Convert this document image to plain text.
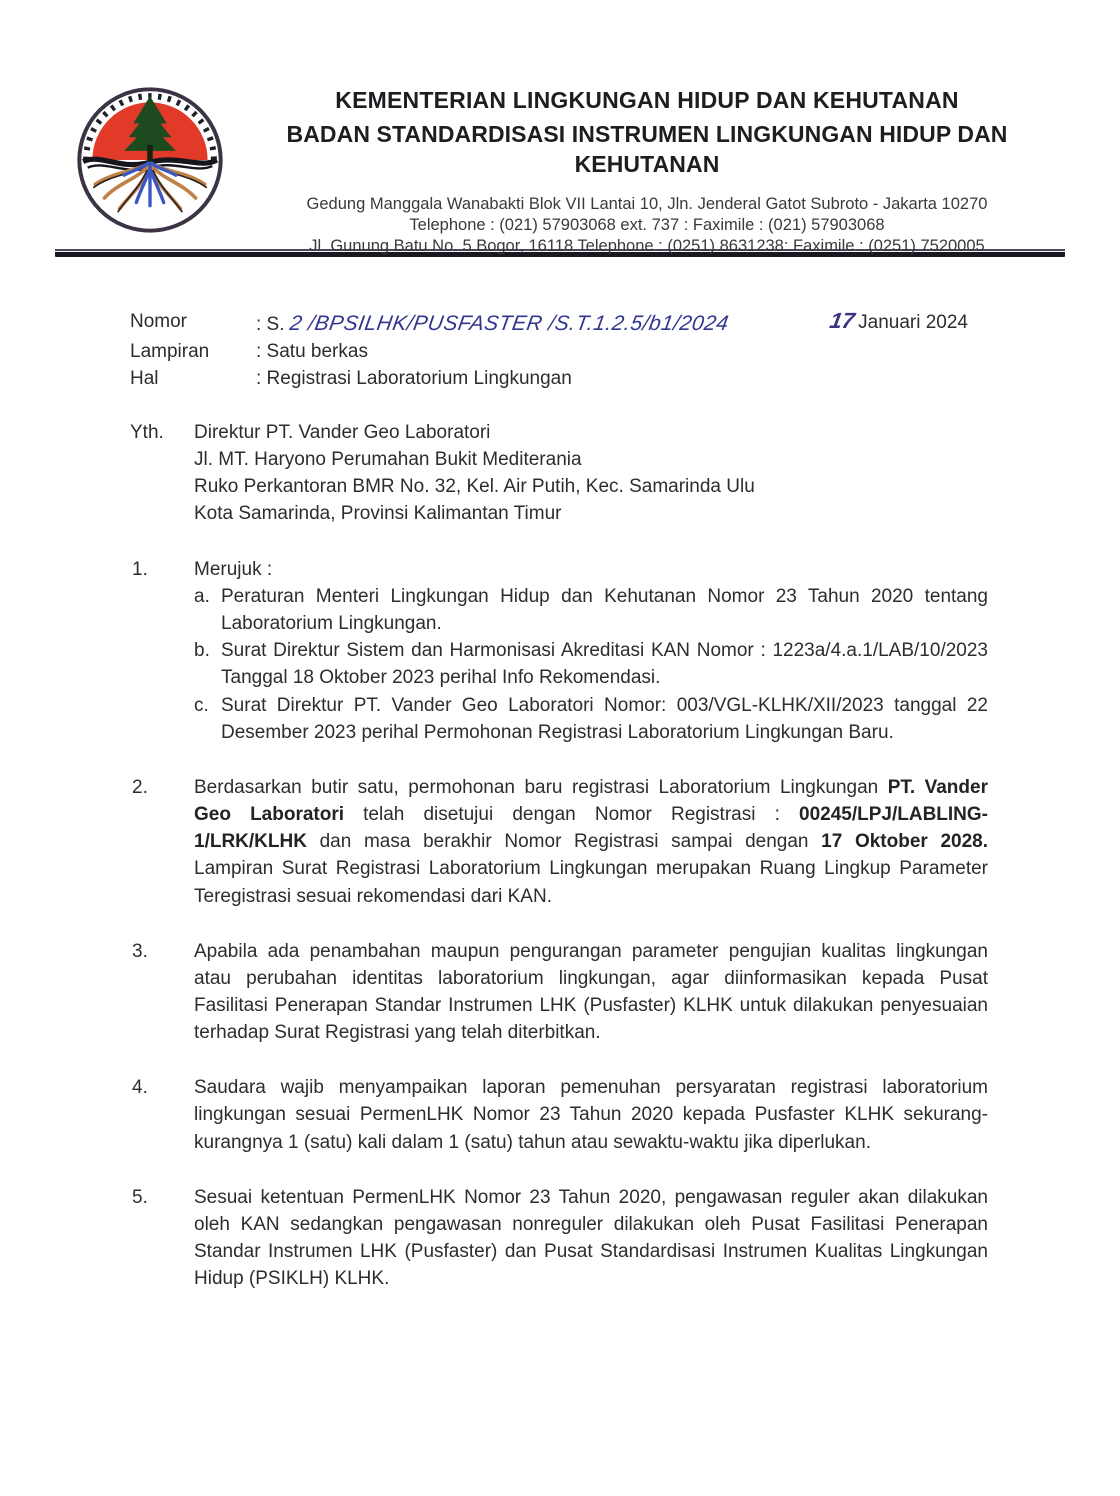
KEMENTERIAN LINGKUNGAN HIDUP DAN KEHUTANAN
BADAN STANDARDISASI INSTRUMEN LINGKUNGAN HIDUP DAN KEHUTANAN
Gedung Manggala Wanabakti Blok VII Lantai 10, Jln. Jenderal Gatot Subroto - Jakarta 10270
Telephone : (021) 57903068 ext. 737 : Faximile : (021) 57903068
Jl. Gunung Batu No. 5 Bogor, 16118 Telephone : (0251) 8631238: Faximile : (0251) 7520005
Nomor	: S. 2 /BPSILHK/PUSFASTER /S.T.1.2.5/b1/2024	17Januari 2024
Lampiran	: Satu berkas
Hal	: Registrasi Laboratorium Lingkungan
Yth.	Direktur PT. Vander Geo Laboratori
Jl. MT. Haryono Perumahan Bukit Mediterania
Ruko Perkantoran BMR No. 32, Kel. Air Putih, Kec. Samarinda Ulu
Kota Samarinda, Provinsi Kalimantan Timur
1.	Merujuk :
a. Peraturan Menteri Lingkungan Hidup dan Kehutanan Nomor 23 Tahun 2020 tentang Laboratorium Lingkungan.
b. Surat Direktur Sistem dan Harmonisasi Akreditasi KAN Nomor : 1223a/4.a.1/LAB/10/2023 Tanggal 18 Oktober 2023 perihal Info Rekomendasi.
c. Surat Direktur PT. Vander Geo Laboratori Nomor: 003/VGL-KLHK/XII/2023 tanggal 22 Desember 2023 perihal Permohonan Registrasi Laboratorium Lingkungan Baru.
2.	Berdasarkan butir satu, permohonan baru registrasi Laboratorium Lingkungan PT. Vander Geo Laboratori telah disetujui dengan Nomor Registrasi : 00245/LPJ/LABLING-1/LRK/KLHK dan masa berakhir Nomor Registrasi sampai dengan 17 Oktober 2028. Lampiran Surat Registrasi Laboratorium Lingkungan merupakan Ruang Lingkup Parameter Teregistrasi sesuai rekomendasi dari KAN.
3.	Apabila ada penambahan maupun pengurangan parameter pengujian kualitas lingkungan atau perubahan identitas laboratorium lingkungan, agar diinformasikan kepada Pusat Fasilitasi Penerapan Standar Instrumen LHK (Pusfaster) KLHK untuk dilakukan penyesuaian terhadap Surat Registrasi yang telah diterbitkan.
4.	Saudara wajib menyampaikan laporan pemenuhan persyaratan registrasi laboratorium lingkungan sesuai PermenLHK Nomor 23 Tahun 2020 kepada Pusfaster KLHK sekurang-kurangnya 1 (satu) kali dalam 1 (satu) tahun atau sewaktu-waktu jika diperlukan.
5.	Sesuai ketentuan PermenLHK Nomor 23 Tahun 2020, pengawasan reguler akan dilakukan oleh KAN sedangkan pengawasan nonreguler dilakukan oleh Pusat Fasilitasi Penerapan Standar Instrumen LHK (Pusfaster) dan Pusat Standardisasi Instrumen Kualitas Lingkungan Hidup (PSIKLH) KLHK.
